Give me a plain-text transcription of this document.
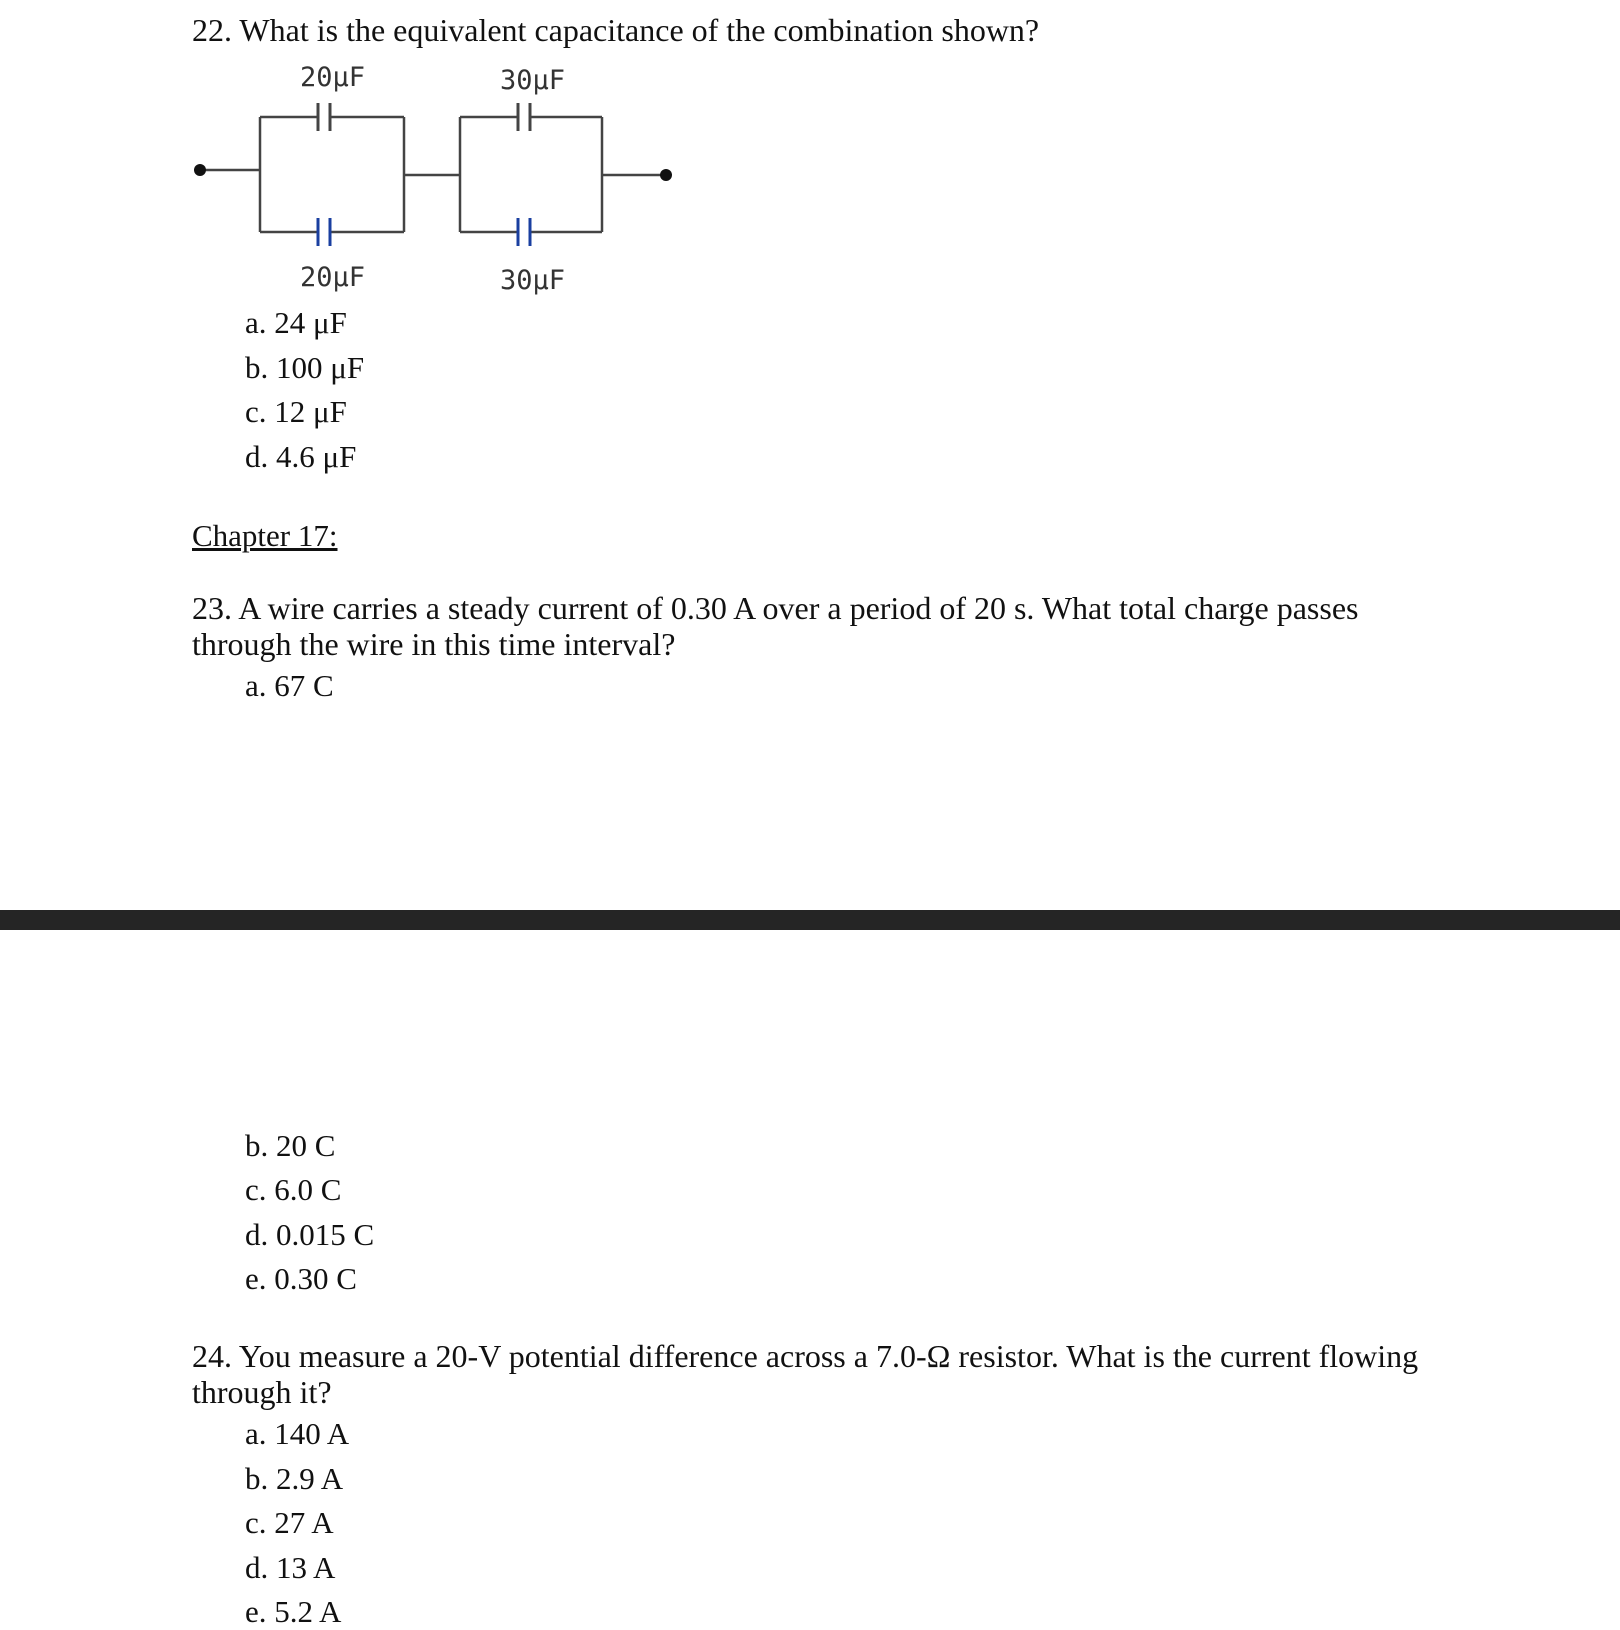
22. What is the equivalent capacitance of the combination shown?

20μF	30μF
20μF	30μF

a. 24 μF

b. 100 μF

c. 12 μF

d. 4.6 μF

Chapter 17:

23. A wire carries a steady current of 0.30 A over a period of 20 s. What total charge passes

through the wire in this time interval?

a. 67 C

b. 20 C

c. 6.0 C

d. 0.015 C

e. 0.30 C

24. You measure a 20-V potential difference across a 7.0-Ω resistor. What is the current flowing

through it?

a. 140 A

b. 2.9 A

c. 27 A

d. 13 A

e. 5.2 A
